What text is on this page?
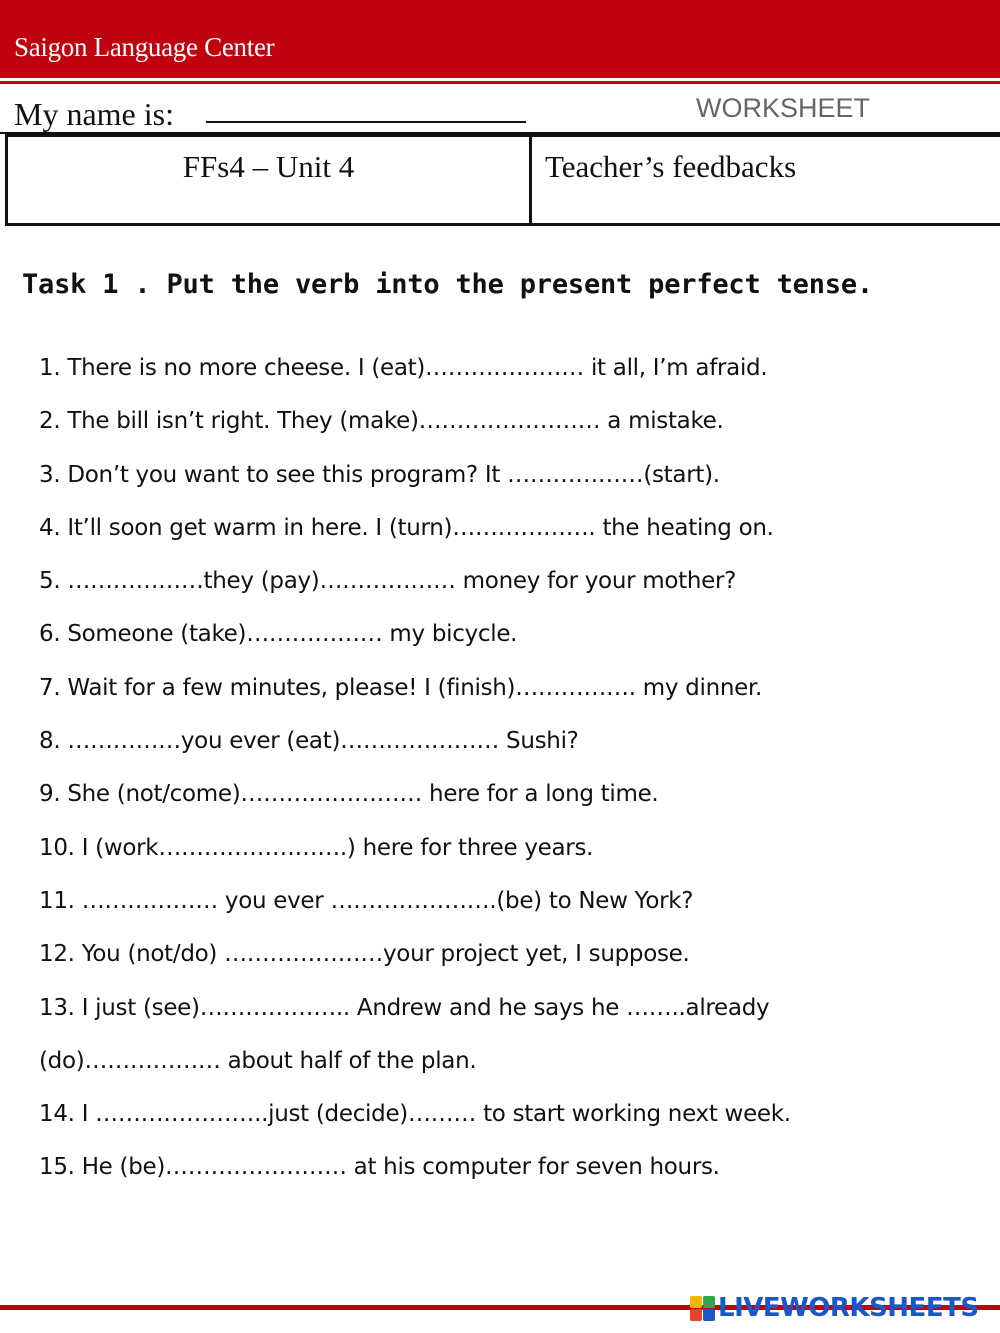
Saigon Language Center
My name is:	WORKSHEET
FFs4 – Unit 4	Teacher’s feedbacks
Task 1 . Put the verb into the present perfect tense.
1. There is no more cheese. I (eat)………………… it all, I’m afraid.
2. The bill isn’t right. They (make)…………………… a mistake.
3. Don’t you want to see this program? It ………………(start).
4. It’ll soon get warm in here. I (turn)………………. the heating on.
5. ………………they (pay)……………… money for your mother?
6. Someone (take)……………… my bicycle.
7. Wait for a few minutes, please! I (finish)……………. my dinner.
8. ……………you ever (eat)………………… Sushi?
9. She (not/come)…………………… here for a long time.
10. I (work…………………….) here for three years.
11. ……………… you ever ………………….(be) to New York?
12. You (not/do) …………………your project yet, I suppose.
13. I just (see)……………….. Andrew and he says he ……..already
(do)……………… about half of the plan.
14. I …………………..just (decide)……… to start working next week.
15. He (be)…………………… at his computer for seven hours.
LIVEWORKSHEETS
